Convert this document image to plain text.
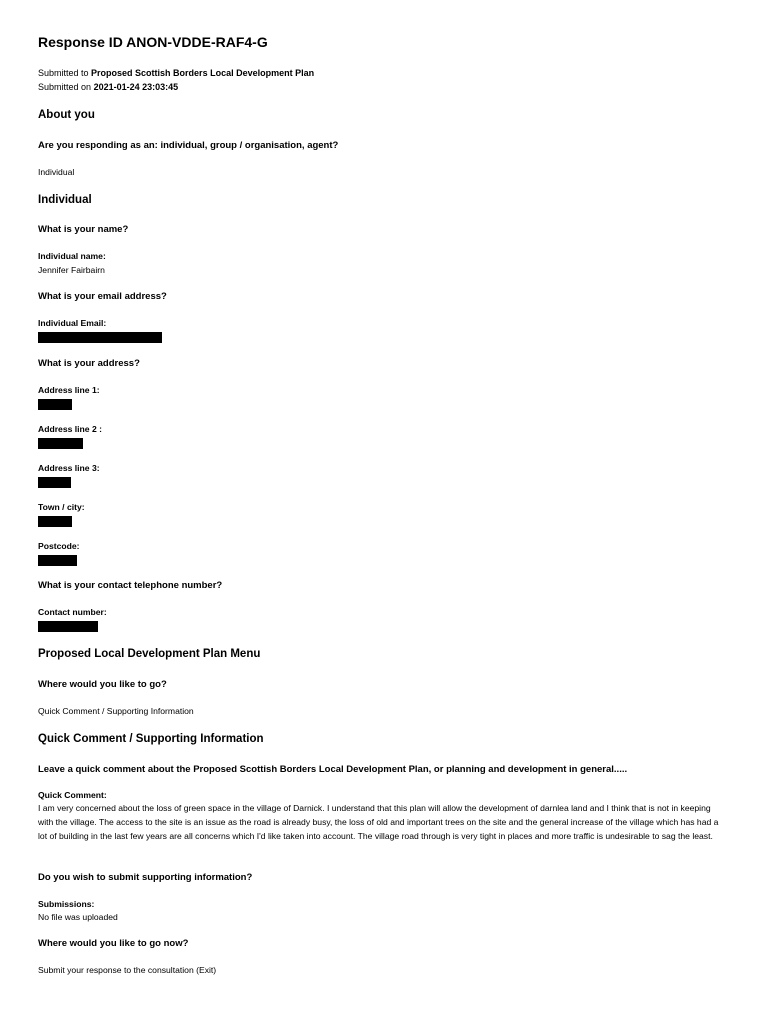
Response ID ANON-VDDE-RAF4-G
Submitted to Proposed Scottish Borders Local Development Plan
Submitted on 2021-01-24 23:03:45
About you
Are you responding as an: individual, group / organisation, agent?
Individual
Individual
What is your name?
Individual name:
Jennifer Fairbairn
What is your email address?
Individual Email:
What is your address?
Address line 1:
Address line 2 :
Address line 3:
Town / city:
Postcode:
What is your contact telephone number?
Contact number:
Proposed Local Development Plan Menu
Where would you like to go?
Quick Comment / Supporting Information
Quick Comment / Supporting Information
Leave a quick comment about the Proposed Scottish Borders Local Development Plan, or planning and development in general.....
Quick Comment:
I am very concerned about the loss of green space in the village of Darnick. I understand that this plan will allow the development of darnlea land and I think that is not in keeping with the village. The access to the site is an issue as the road is already busy, the loss of old and important trees on the site and the general increase of the village which has had a lot of building in the last few years are all concerns which I'd like taken into account. The village road through is very tight in places and more traffic is undesirable to sag the least.
Do you wish to submit supporting information?
Submissions:
No file was uploaded
Where would you like to go now?
Submit your response to the consultation (Exit)
